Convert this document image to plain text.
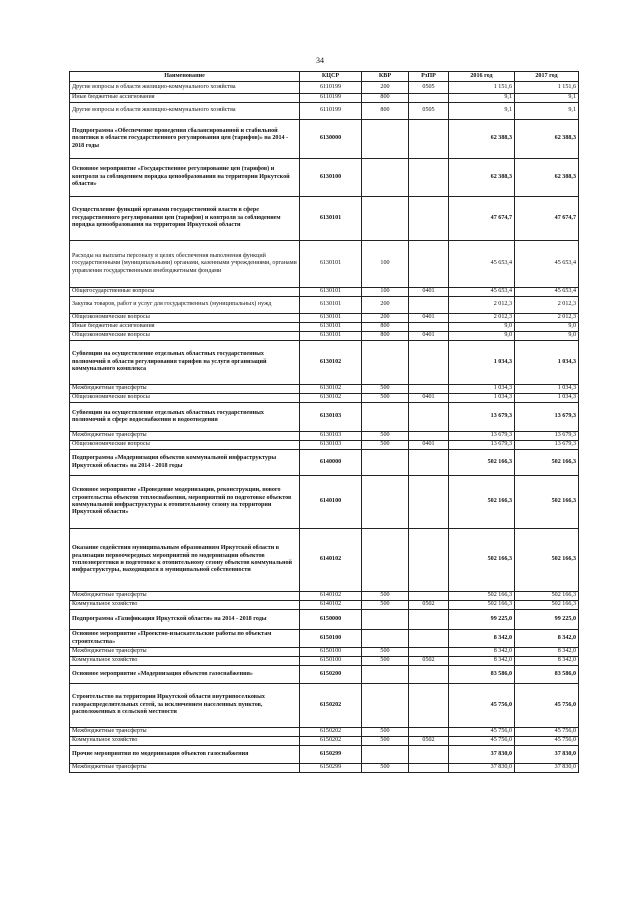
34
Наименование	КЦСР	КВР	РзПР	2016 год	2017 год
Другие вопросы в области жилищно-коммунального хозяйства	6110199	200	0505	1 151,6	1 151,6
Иные бюджетные ассигнования	6110199	800		9,1	9,1
Другие вопросы в области жилищно-коммунального хозяйства	6110199	800	0505	9,1	9,1
Подпрограмма «Обеспечение проведения сбалансированной и стабильной политики в области государственного регулирования цен (тарифов)» на 2014 - 2018 годы	6130000			62 388,3	62 388,3
Основное мероприятие «Государственное регулирование цен (тарифов) и контроля за соблюдением порядка ценообразования на территории Иркутской области»	6130100			62 388,3	62 388,3
Осуществление функций органами государственной власти в сфере государственного регулирования цен (тарифов) и контроля за соблюдением порядка ценообразования на территории Иркутской области	6130101			47 674,7	47 674,7
Расходы на выплаты персоналу в целях обеспечения выполнения функций государственными (муниципальными) органами, казенными учреждениями, органами управления государственными внебюджетными фондами	6130101	100		45 653,4	45 653,4
Общегосударственные вопросы	6130101	100	0401	45 653,4	45 653,4
Закупка товаров, работ и услуг для государственных (муниципальных) нужд	6130101	200		2 012,3	2 012,3
Общеэкономические вопросы	6130101	200	0401	2 012,3	2 012,3
Иные бюджетные ассигнования	6130101	800		9,0	9,0
Общеэкономические вопросы	6130101	800	0401	9,0	9,0
Субвенции на осуществление отдельных областных государственных полномочий в области регулирования тарифов на услуги организаций коммунального комплекса	6130102			1 034,3	1 034,3
Межбюджетные трансферты	6130102	500		1 034,3	1 034,3
Общеэкономические вопросы	6130102	500	0401	1 034,3	1 034,3
Субвенции на осуществление отдельных областных государственных полномочий в сфере водоснабжения и водоотведения	6130103			13 679,3	13 679,3
Межбюджетные трансферты	6130103	500		13 679,3	13 679,3
Общеэкономические вопросы	6130103	500	0401	13 679,3	13 679,3
Подпрограмма «Модернизация объектов коммунальной инфраструктуры Иркутской области» на 2014 - 2018 годы	6140000			502 166,3	502 166,3
Основное мероприятие «Проведение модернизации, реконструкции, нового строительства объектов теплоснабжения, мероприятий по подготовке объектов коммунальной инфраструктуры к отопительному сезону на территории Иркутской области»	6140100			502 166,3	502 166,3
Оказание содействия муниципальным образованиям Иркутской области в реализации первоочередных мероприятий по модернизации объектов теплоэнергетики и подготовке к отопительному сезону объектов коммунальной инфраструктуры, находящихся в муниципальной собственности	6140102			502 166,3	502 166,3
Межбюджетные трансферты	6140102	500		502 166,3	502 166,3
Коммунальное хозяйство	6140102	500	0502	502 166,3	502 166,3
Подпрограмма «Газификация Иркутской области» на 2014 - 2018 годы	6150000			99 225,0	99 225,0
Основное мероприятие «Проектно-изыскательские работы по объектам строительства»	6150100			8 342,0	8 342,0
Межбюджетные трансферты	6150100	500		8 342,0	8 342,0
Коммунальное хозяйство	6150100	500	0502	8 342,0	8 342,0
Основное мероприятие «Модернизация объектов газоснабжения»	6150200			83 586,0	83 586,0
Строительство на территории Иркутской области внутрипоселковых газораспределительных сетей, за исключением населенных пунктов, расположенных в сельской местности	6150202			45 756,0	45 756,0
Межбюджетные трансферты	6150202	500		45 756,0	45 756,0
Коммунальное хозяйство	6150202	500	0502	45 756,0	45 756,0
Прочие мероприятия по модернизации объектов газоснабжения	6150299			37 830,0	37 830,0
Межбюджетные трансферты	6150299	500		37 830,0	37 830,0
